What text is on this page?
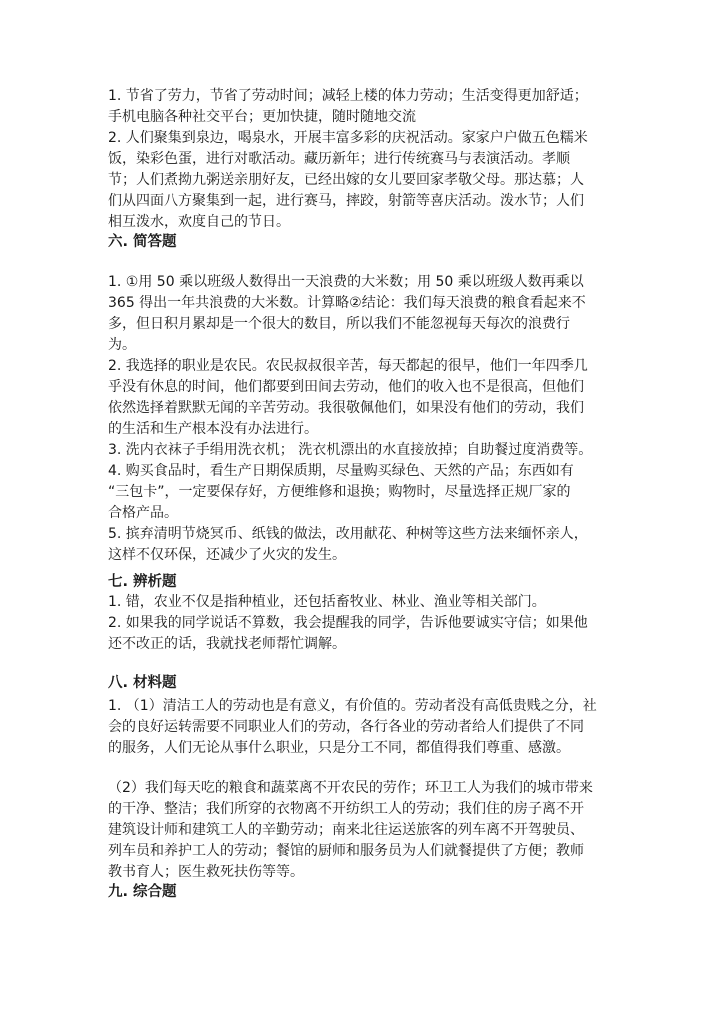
1. 节省了劳力，节省了劳动时间；减轻上楼的体力劳动；生活变得更加舒适；
手机电脑各种社交平台；更加快捷，随时随地交流
2. 人们聚集到泉边，喝泉水，开展丰富多彩的庆祝活动。家家户户做五色糯米
饭，染彩色蛋，进行对歌活动。藏历新年；进行传统赛马与表演活动。孝顺
节；人们煮拗九粥送亲朋好友，已经出嫁的女儿要回家孝敬父母。那达慕；人
们从四面八方聚集到一起，进行赛马，摔跤，射箭等喜庆活动。泼水节；人们
相互泼水，欢度自己的节日。
六. 简答题
1. ①用 50 乘以班级人数得出一天浪费的大米数；用 50 乘以班级人数再乘以
365 得出一年共浪费的大米数。计算略②结论：我们每天浪费的粮食看起来不
多，但日积月累却是一个很大的数目，所以我们不能忽视每天每次的浪费行
为。
2. 我选择的职业是农民。农民叔叔很辛苦，每天都起的很早，他们一年四季几
乎没有休息的时间，他们都要到田间去劳动，他们的收入也不是很高，但他们
依然选择着默默无闻的辛苦劳动。我很敬佩他们，如果没有他们的劳动，我们
的生活和生产根本没有办法进行。
3. 洗内衣袜子手绢用洗衣机； 洗衣机漂出的水直接放掉；自助餐过度消费等。
4. 购买食品时，看生产日期保质期，尽量购买绿色、天然的产品；东西如有
“三包卡”，一定要保存好，方便维修和退换；购物时，尽量选择正规厂家的
合格产品。
5. 摈弃清明节烧冥币、纸钱的做法，改用献花、种树等这些方法来缅怀亲人，
这样不仅环保，还减少了火灾的发生。
七. 辨析题
1. 错，农业不仅是指种植业，还包括畜牧业、林业、渔业等相关部门。
2. 如果我的同学说话不算数，我会提醒我的同学，告诉他要诚实守信；如果他
还不改正的话，我就找老师帮忙调解。
八. 材料题
1. （1）清洁工人的劳动也是有意义，有价值的。劳动者没有高低贵贱之分，社
会的良好运转需要不同职业人们的劳动，各行各业的劳动者给人们提供了不同
的服务，人们无论从事什么职业，只是分工不同，都值得我们尊重、感激。
（2）我们每天吃的粮食和蔬菜离不开农民的劳作；环卫工人为我们的城市带来
的干净、整洁；我们所穿的衣物离不开纺织工人的劳动；我们住的房子离不开
建筑设计师和建筑工人的辛勤劳动；南来北往运送旅客的列车离不开驾驶员、
列车员和养护工人的劳动；餐馆的厨师和服务员为人们就餐提供了方便；教师
教书育人；医生救死扶伤等等。
九. 综合题
